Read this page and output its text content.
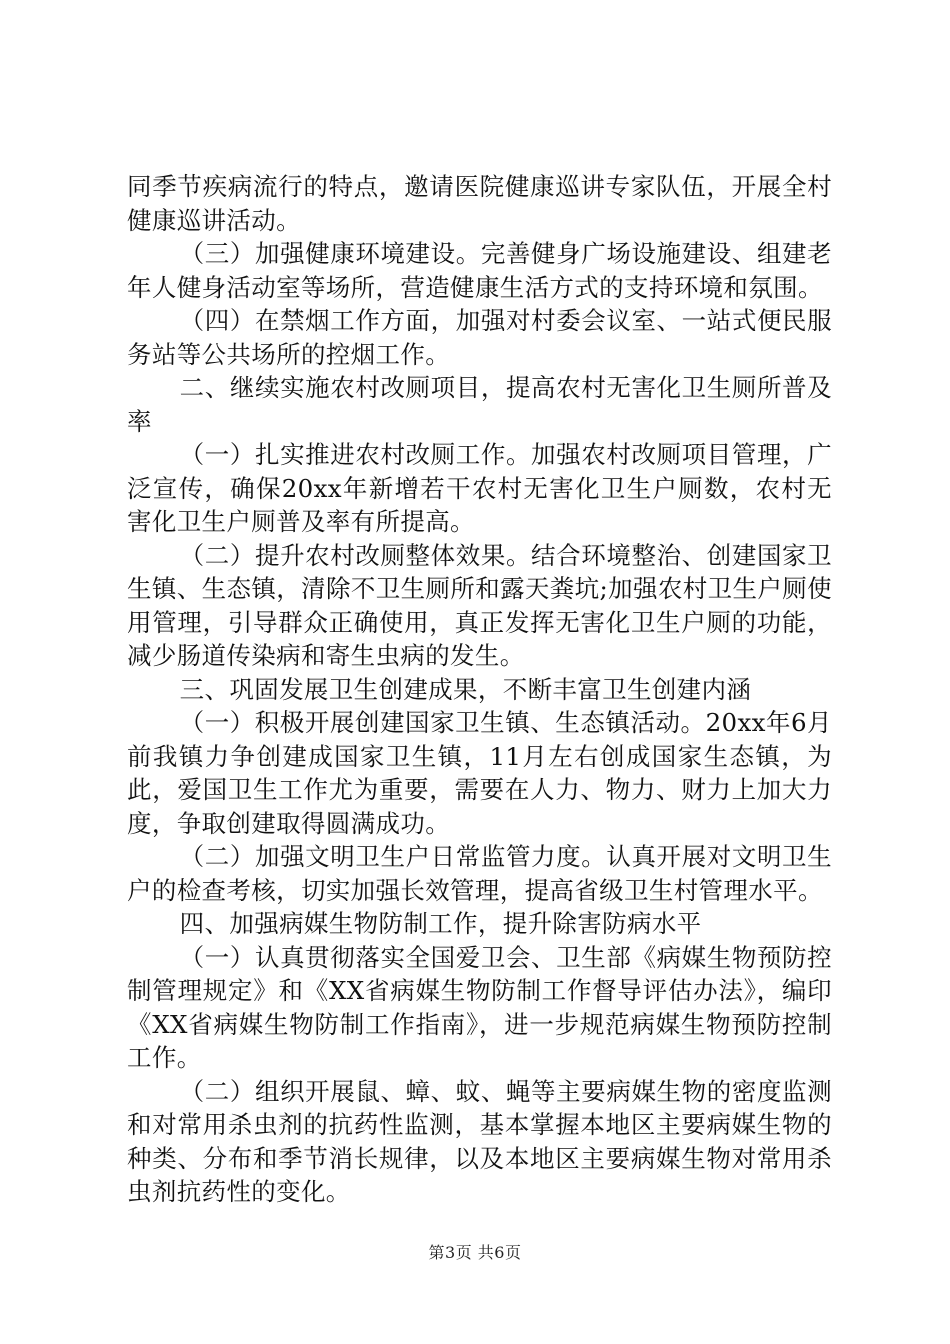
同季节疾病流行的特点，邀请医院健康巡讲专家队伍，开展全村健康巡讲活动。

（三）加强健康环境建设。完善健身广场设施建设、组建老年人健身活动室等场所，营造健康生活方式的支持环境和氛围。

（四）在禁烟工作方面，加强对村委会议室、一站式便民服务站等公共场所的控烟工作。

二、继续实施农村改厕项目，提高农村无害化卫生厕所普及率

（一）扎实推进农村改厕工作。加强农村改厕项目管理，广泛宣传，确保20xx年新增若干农村无害化卫生户厕数，农村无害化卫生户厕普及率有所提高。

（二）提升农村改厕整体效果。结合环境整治、创建国家卫生镇、生态镇，清除不卫生厕所和露天粪坑;加强农村卫生户厕使用管理，引导群众正确使用，真正发挥无害化卫生户厕的功能，减少肠道传染病和寄生虫病的发生。

三、巩固发展卫生创建成果，不断丰富卫生创建内涵

（一）积极开展创建国家卫生镇、生态镇活动。20xx年6月前我镇力争创建成国家卫生镇，11月左右创成国家生态镇，为此，爱国卫生工作尤为重要，需要在人力、物力、财力上加大力度，争取创建取得圆满成功。

（二）加强文明卫生户日常监管力度。认真开展对文明卫生户的检查考核，切实加强长效管理，提高省级卫生村管理水平。

四、加强病媒生物防制工作，提升除害防病水平

（一）认真贯彻落实全国爱卫会、卫生部《病媒生物预防控制管理规定》和《XX省病媒生物防制工作督导评估办法》，编印《XX省病媒生物防制工作指南》，进一步规范病媒生物预防控制工作。

（二）组织开展鼠、蟑、蚊、蝇等主要病媒生物的密度监测和对常用杀虫剂的抗药性监测，基本掌握本地区主要病媒生物的种类、分布和季节消长规律，以及本地区主要病媒生物对常用杀虫剂抗药性的变化。

第3页 共6页
